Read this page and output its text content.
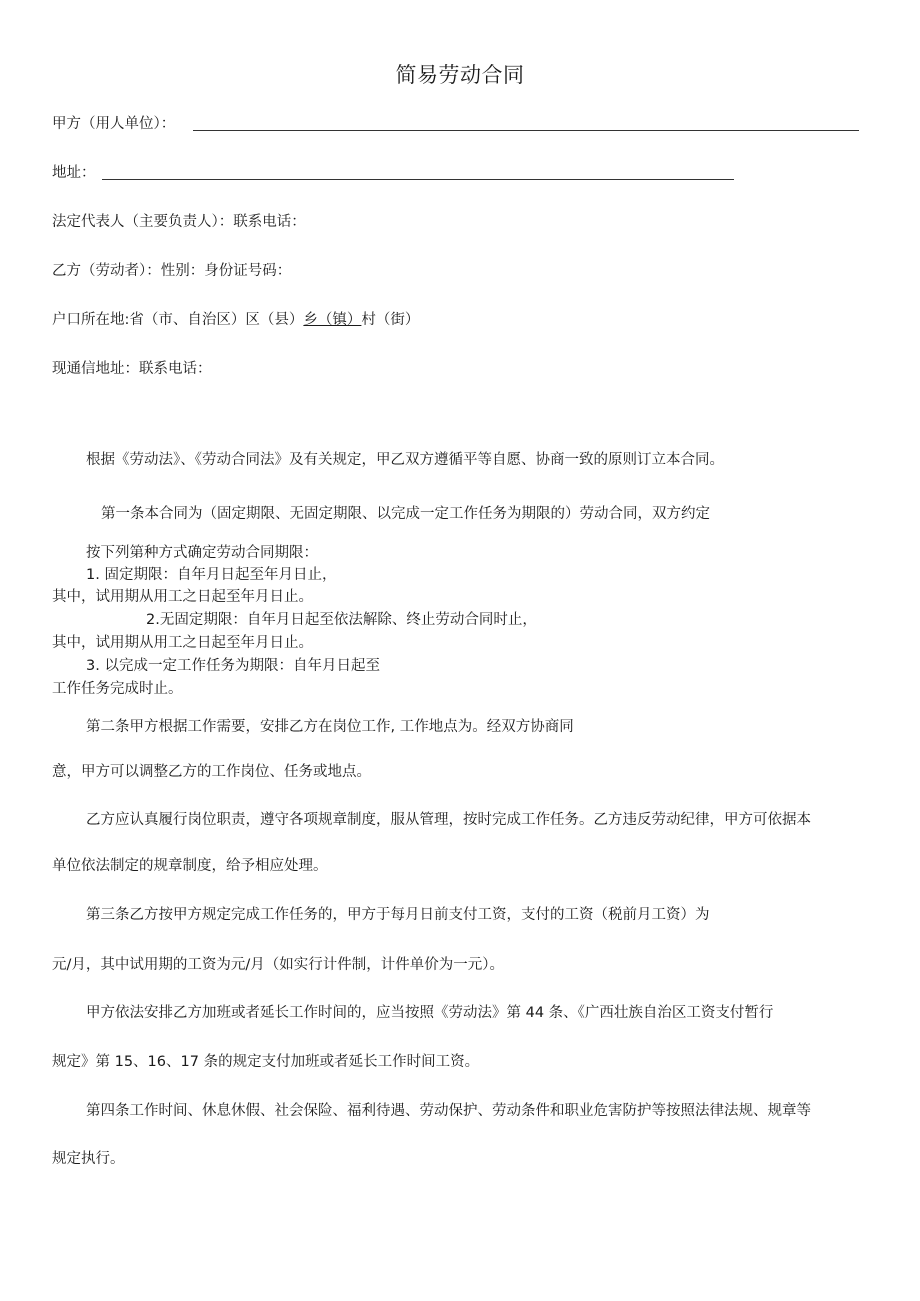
简易劳动合同
甲方（用人单位）：
地址：
法定代表人（主要负责人）：联系电话：
乙方（劳动者）：性别：身份证号码：
户口所在地:省（市、自治区）区（县）乡（镇）村（街）
现通信地址：联系电话：
根据《劳动法》、《劳动合同法》及有关规定，甲乙双方遵循平等自愿、协商一致的原则订立本合同。
第一条本合同为（固定期限、无固定期限、以完成一定工作任务为期限的）劳动合同，双方约定
按下列第种方式确定劳动合同期限：
1. 固定期限：自年月日起至年月日止，
其中，试用期从用工之日起至年月日止。
2.无固定期限：自年月日起至依法解除、终止劳动合同时止，
其中，试用期从用工之日起至年月日止。
3. 以完成一定工作任务为期限：自年月日起至
工作任务完成时止。
第二条甲方根据工作需要，安排乙方在岗位工作, 工作地点为。经双方协商同
意，甲方可以调整乙方的工作岗位、任务或地点。
乙方应认真履行岗位职责，遵守各项规章制度，服从管理，按时完成工作任务。乙方违反劳动纪律，甲方可依据本
单位依法制定的规章制度，给予相应处理。
第三条乙方按甲方规定完成工作任务的，甲方于每月日前支付工资，支付的工资（税前月工资）为
元/月，其中试用期的工资为元/月（如实行计件制，计件单价为一元）。
甲方依法安排乙方加班或者延长工作时间的，应当按照《劳动法》第 44 条、《广西壮族自治区工资支付暂行
规定》第 15、16、17 条的规定支付加班或者延长工作时间工资。
第四条工作时间、休息休假、社会保险、福利待遇、劳动保护、劳动条件和职业危害防护等按照法律法规、规章等
规定执行。
